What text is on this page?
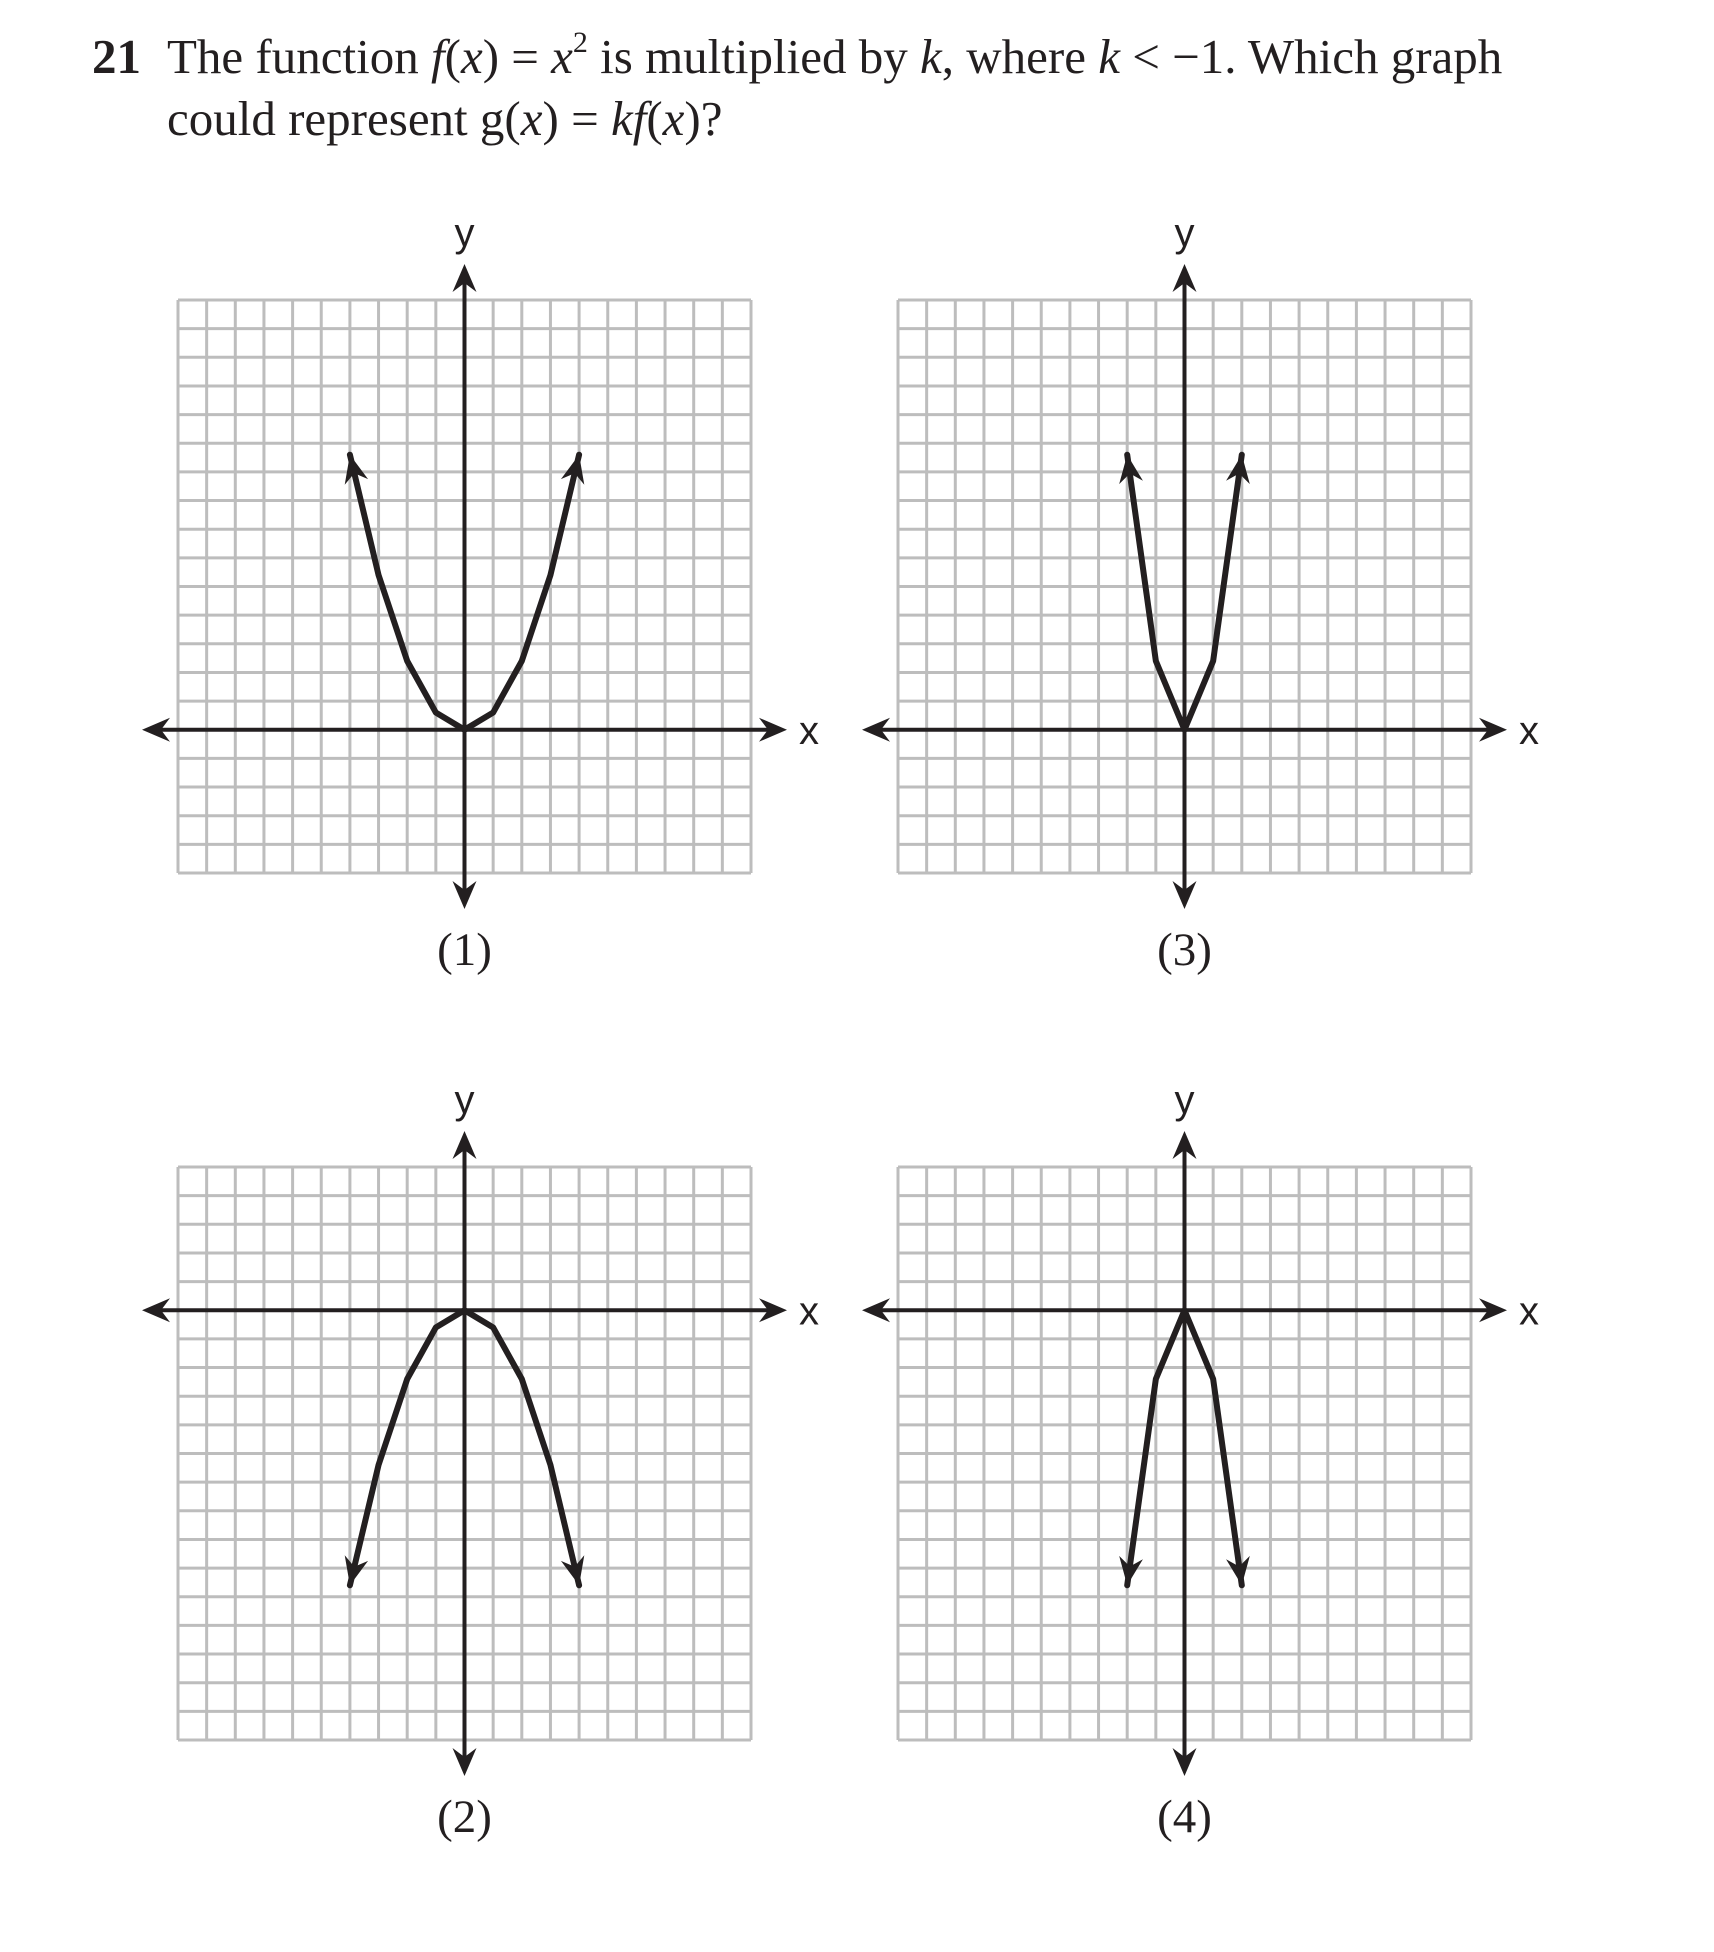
21 The function $f(x) = x^2$ is multiplied by k, where k < −1. Which graph
could represent g(x) = kf(x)?
x
y
x
y
x
y
x
y
(1)
(2)
(3)
(4)
